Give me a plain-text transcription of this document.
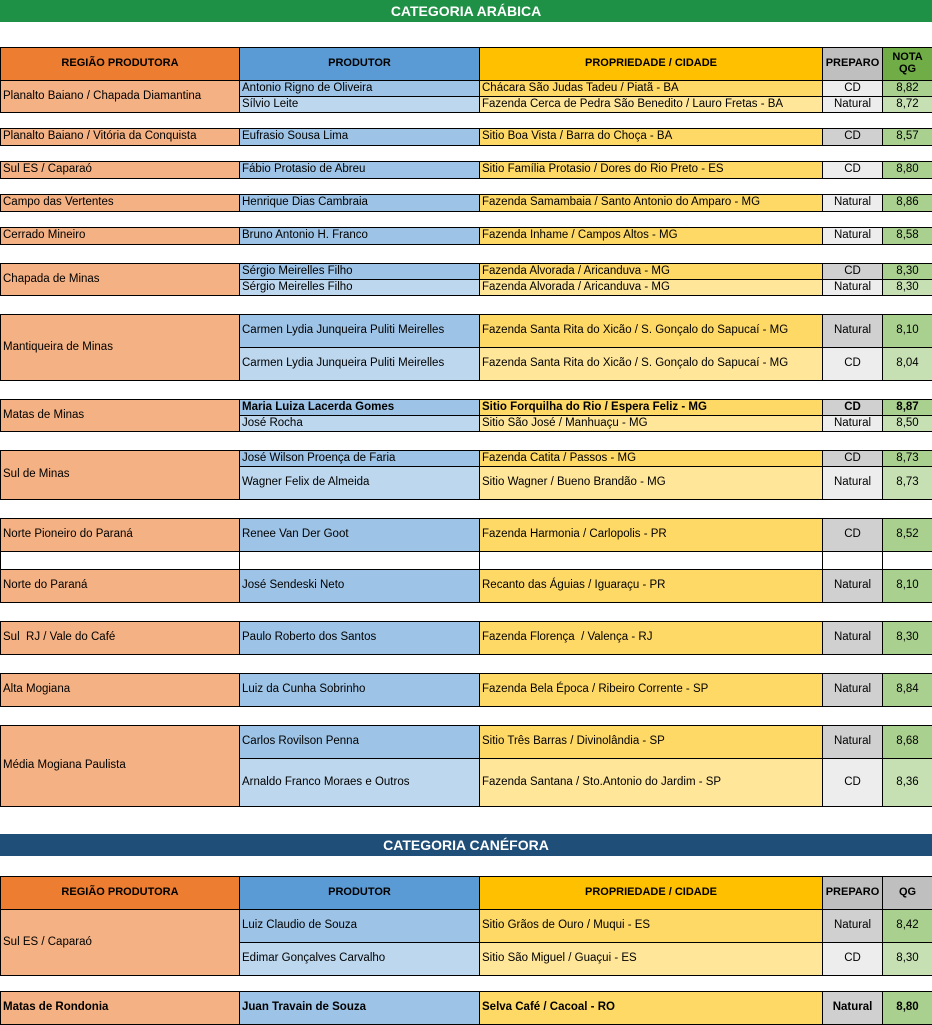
CATEGORIA ARÁBICA
REGIÃO PRODUTORA	PRODUTOR	PROPRIEDADE / CIDADE	PREPARO	NOTA QG
Planalto Baiano / Chapada Diamantina	Antonio Rigno de Oliveira	Chácara São Judas Tadeu / Piatã - BA	CD	8,82
	Sílvio Leite	Fazenda Cerca de Pedra São Benedito / Lauro Fretas - BA	Natural	8,72

Planalto Baiano / Vitória da Conquista	Eufrasio Sousa Lima	Sitio Boa Vista / Barra do Choça - BA	CD	8,57

Sul ES / Caparaó	Fábio Protasio de Abreu	Sitio Família Protasio / Dores do Rio Preto - ES	CD	8,80

Campo das Vertentes	Henrique Dias Cambraia	Fazenda Samambaia / Santo Antonio do Amparo - MG	Natural	8,86

Cerrado Mineiro	Bruno Antonio H. Franco	Fazenda Inhame / Campos Altos - MG	Natural	8,58

Chapada de Minas	Sérgio Meirelles Filho	Fazenda Alvorada / Aricanduva - MG	CD	8,30
	Sérgio Meirelles Filho	Fazenda Alvorada / Aricanduva - MG	Natural	8,30

Mantiqueira de Minas	Carmen Lydia Junqueira Puliti Meirelles	Fazenda Santa Rita do Xicão / S. Gonçalo do Sapucaí - MG	Natural	8,10
	Carmen Lydia Junqueira Puliti Meirelles	Fazenda Santa Rita do Xicão / S. Gonçalo do Sapucaí - MG	CD	8,04

Matas de Minas	Maria Luiza Lacerda Gomes	Sitio Forquilha do Rio / Espera Feliz - MG	CD	8,87
	José Rocha	Sitio São José / Manhuaçu - MG	Natural	8,50

Sul de Minas	José Wilson Proença de Faria	Fazenda Catita / Passos - MG	CD	8,73
	Wagner Felix de Almeida	Sitio Wagner / Bueno Brandão - MG	Natural	8,73

Norte Pioneiro do Paraná	Renee Van Der Goot	Fazenda Harmonia / Carlopolis - PR	CD	8,52

Norte do Paraná	José Sendeski Neto	Recanto das Águias / Iguaraçu - PR	Natural	8,10

Sul  RJ / Vale do Café	Paulo Roberto dos Santos	Fazenda Florença  / Valença - RJ	Natural	8,30

Alta Mogiana	Luiz da Cunha Sobrinho	Fazenda Bela Época / Ribeiro Corrente - SP	Natural	8,84

Média Mogiana Paulista	Carlos Rovilson Penna	Sitio Três Barras / Divinolândia - SP	Natural	8,68
	Arnaldo Franco Moraes e Outros	Fazenda Santana / Sto.Antonio do Jardim - SP	CD	8,36
CATEGORIA CANÉFORA
REGIÃO PRODUTORA	PRODUTOR	PROPRIEDADE / CIDADE	PREPARO	QG
Sul ES / Caparaó	Luiz Claudio de Souza	Sitio Grãos de Ouro / Muqui - ES	Natural	8,42
	Edimar Gonçalves Carvalho	Sitio São Miguel / Guaçui - ES	CD	8,30

Matas de Rondonia	Juan Travain de Souza	Selva Café / Cacoal - RO	Natural	8,80
